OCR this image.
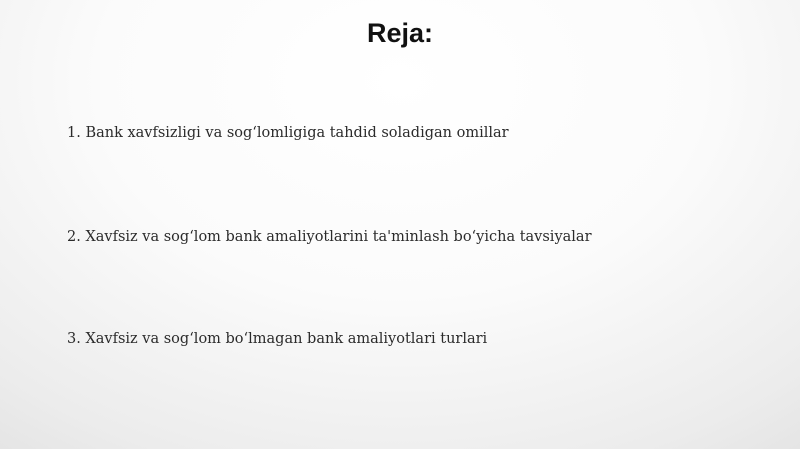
Reja:

1. Bank xavfsizligi va sog‘lomligiga tahdid soladigan omillar

2. Xavfsiz va sog‘lom bank amaliyotlarini ta'minlash bo‘yicha tavsiyalar

3. Xavfsiz va sog‘lom bo‘lmagan bank amaliyotlari turlari
